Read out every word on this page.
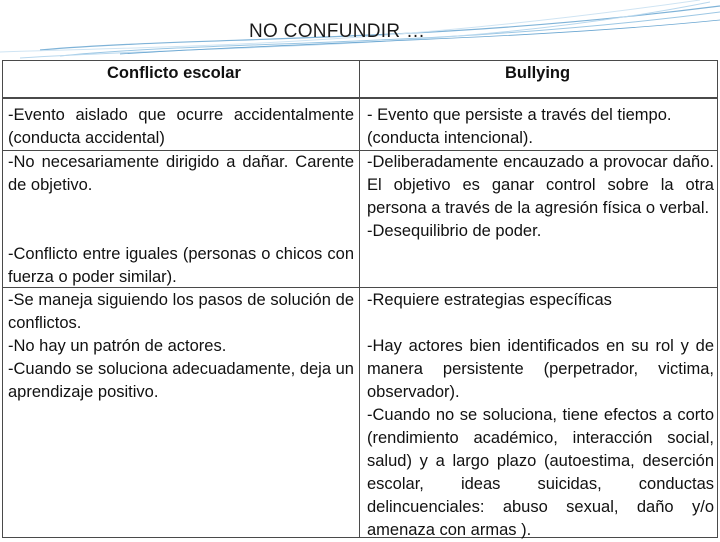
NO CONFUNDIR …
Conflicto escolar	Bullying

-Evento aislado que ocurre accidentalmente (conducta accidental)

- Evento que persiste a través del tiempo. (conducta intencional).

-No necesariamente dirigido a dañar. Carente de objetivo.

-Conflicto entre iguales (personas o chicos con fuerza o poder similar).

-Deliberadamente encauzado a provocar daño. El objetivo es ganar control sobre la otra persona a través de la agresión física o verbal.

-Desequilibrio de poder.

-Se maneja siguiendo los pasos de solución de conflictos.

-No hay un patrón de actores.

-Cuando se soluciona adecuadamente, deja un aprendizaje positivo.

-Requiere estrategias específicas

-Hay actores bien identificados en su rol y de manera persistente (perpetrador, victima, observador).

-Cuando no se soluciona, tiene efectos a corto (rendimiento académico, interacción social, salud) y a largo plazo (autoestima, deserción escolar, ideas suicidas, conductas delincuenciales: abuso sexual, daño y/o amenaza con armas ).
